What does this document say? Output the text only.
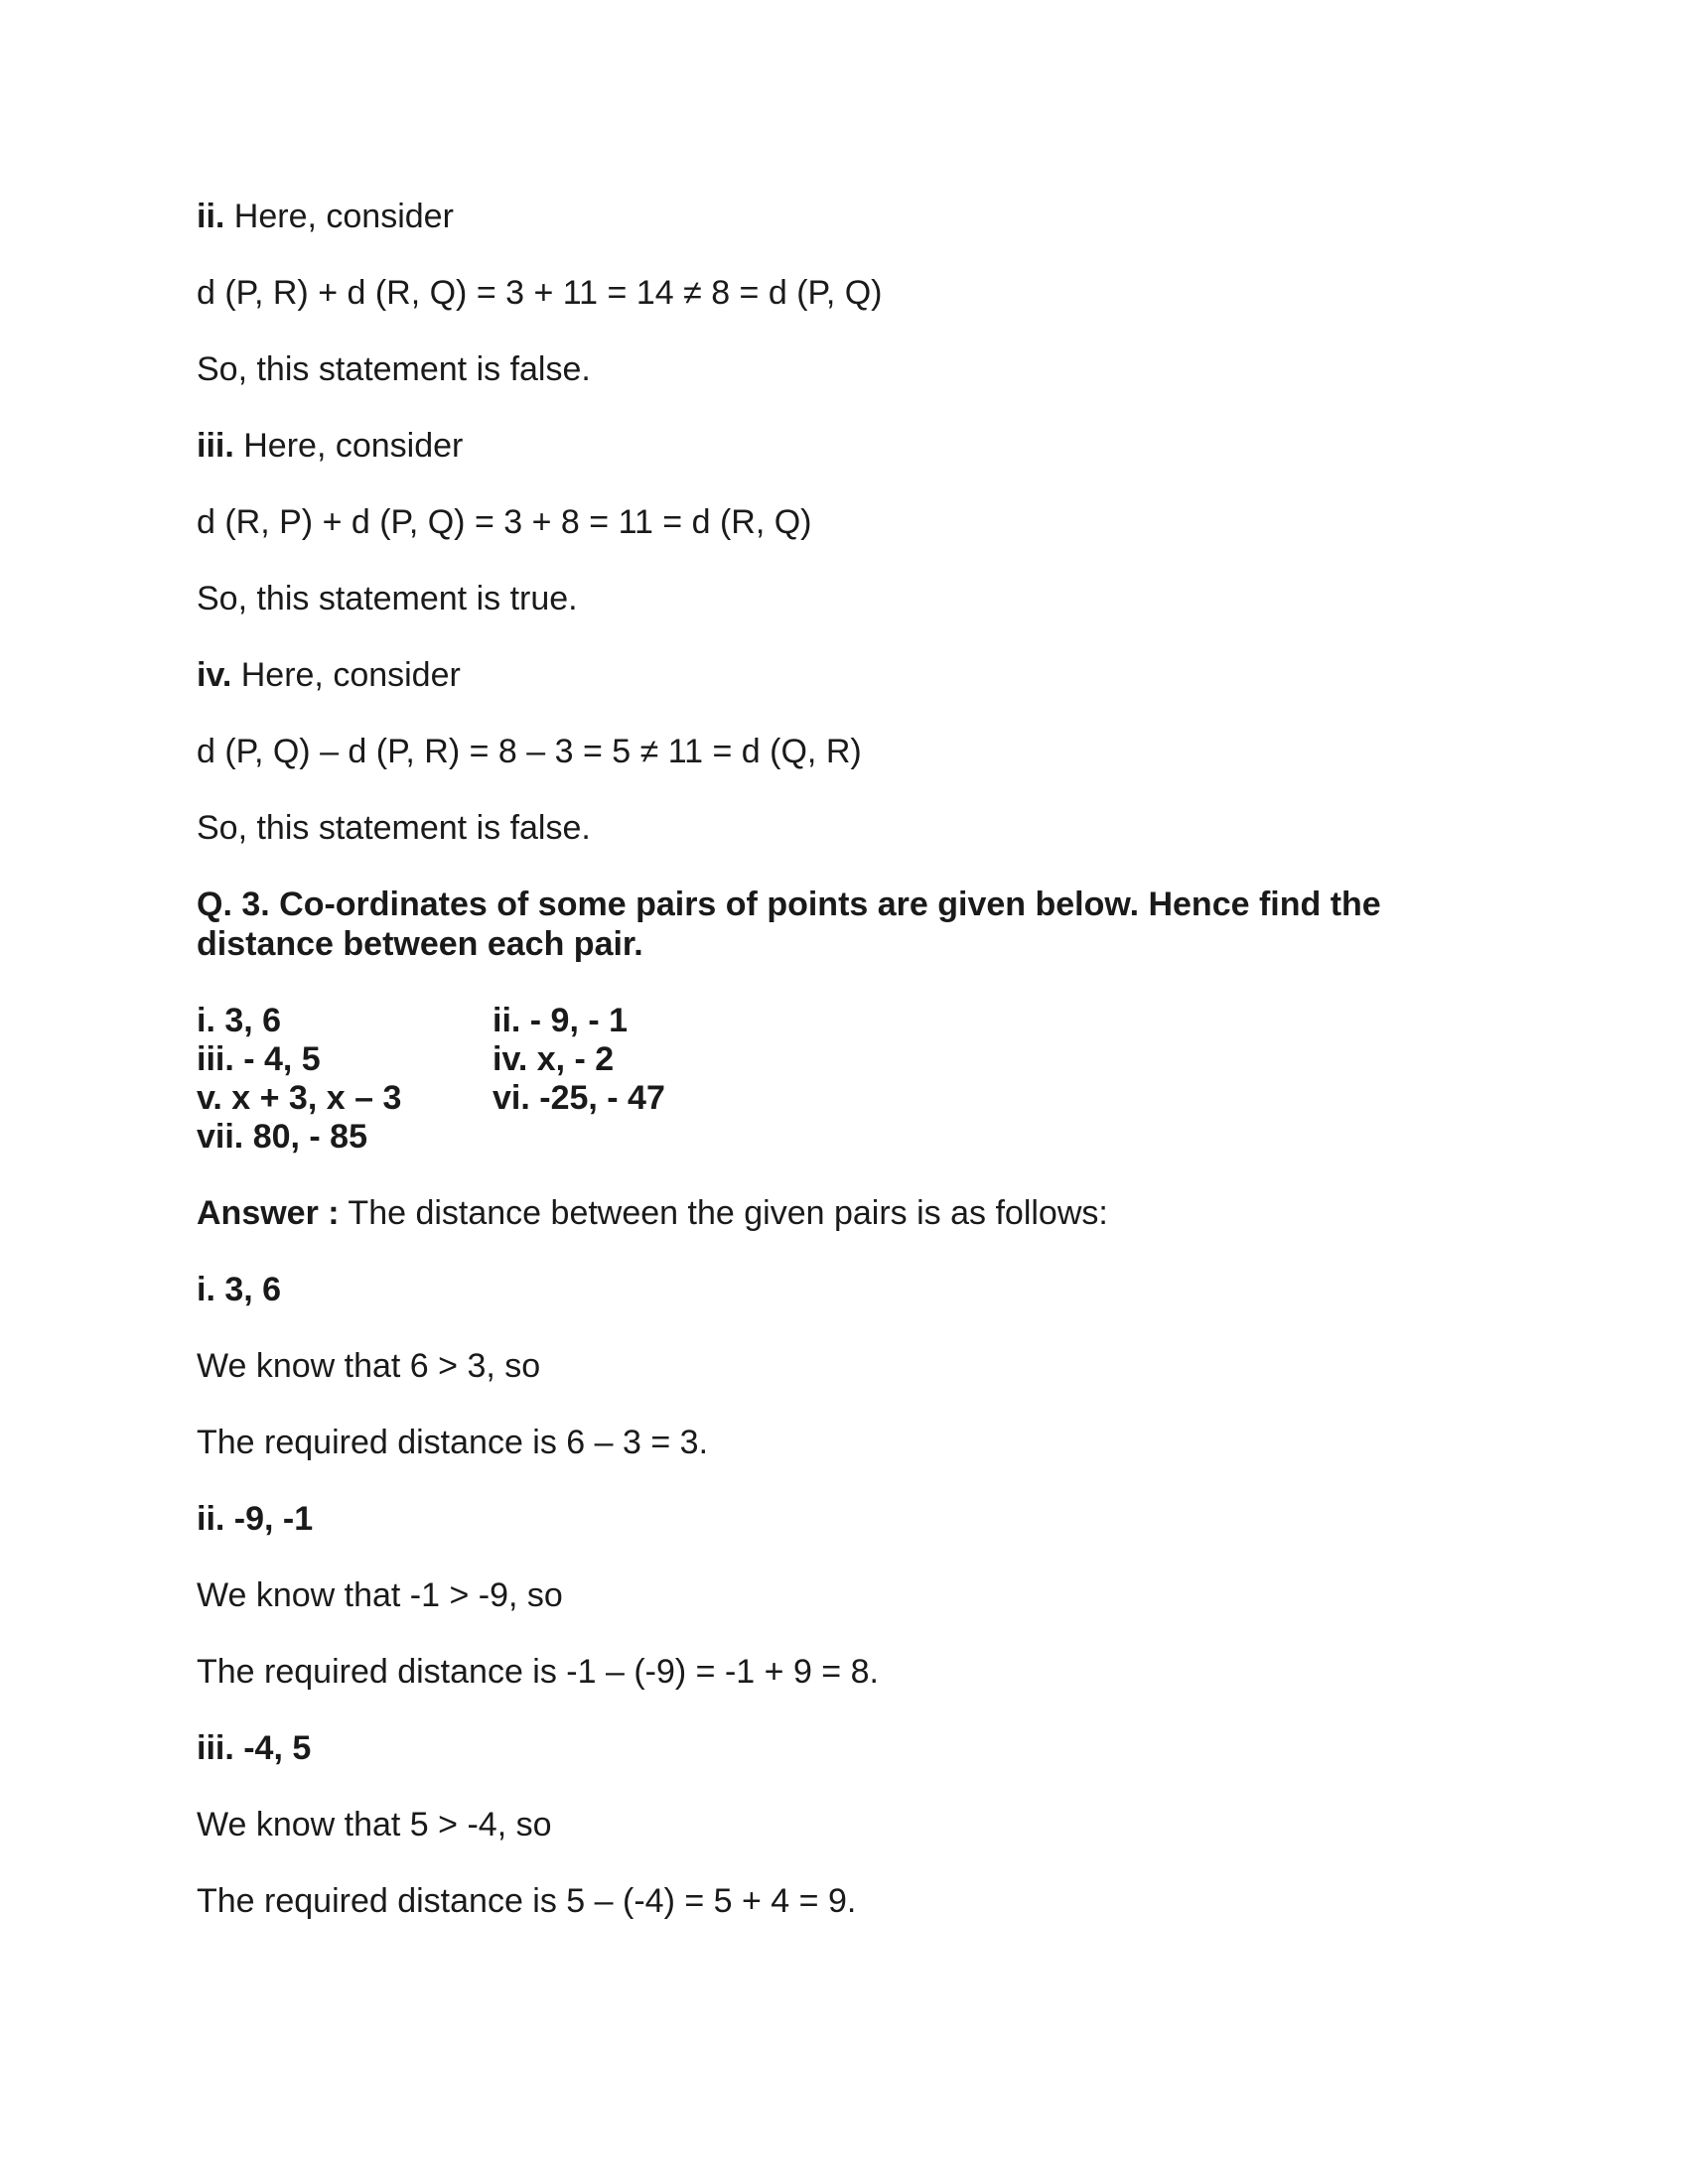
ii. Here, consider

d (P, R) + d (R, Q) = 3 + 11 = 14 ≠ 8 = d (P, Q)

So, this statement is false.

iii. Here, consider

d (R, P) + d (P, Q) = 3 + 8 = 11 = d (R, Q)

So, this statement is true.

iv. Here, consider

d (P, Q) – d (P, R) = 8 – 3 = 5 ≠ 11 = d (Q, R)

So, this statement is false.

Q. 3. Co-ordinates of some pairs of points are given below. Hence find the distance between each pair.

i. 3, 6	ii. - 9, - 1
iii. - 4, 5	iv. x, - 2
v. x + 3, x – 3	vi. -25, - 47
vii. 80, - 85

Answer : The distance between the given pairs is as follows:

i. 3, 6

We know that 6 > 3, so

The required distance is 6 – 3 = 3.

ii. -9, -1

We know that -1 > -9, so

The required distance is -1 – (-9) = -1 + 9 = 8.

iii. -4, 5

We know that 5 > -4, so

The required distance is 5 – (-4) = 5 + 4 = 9.
